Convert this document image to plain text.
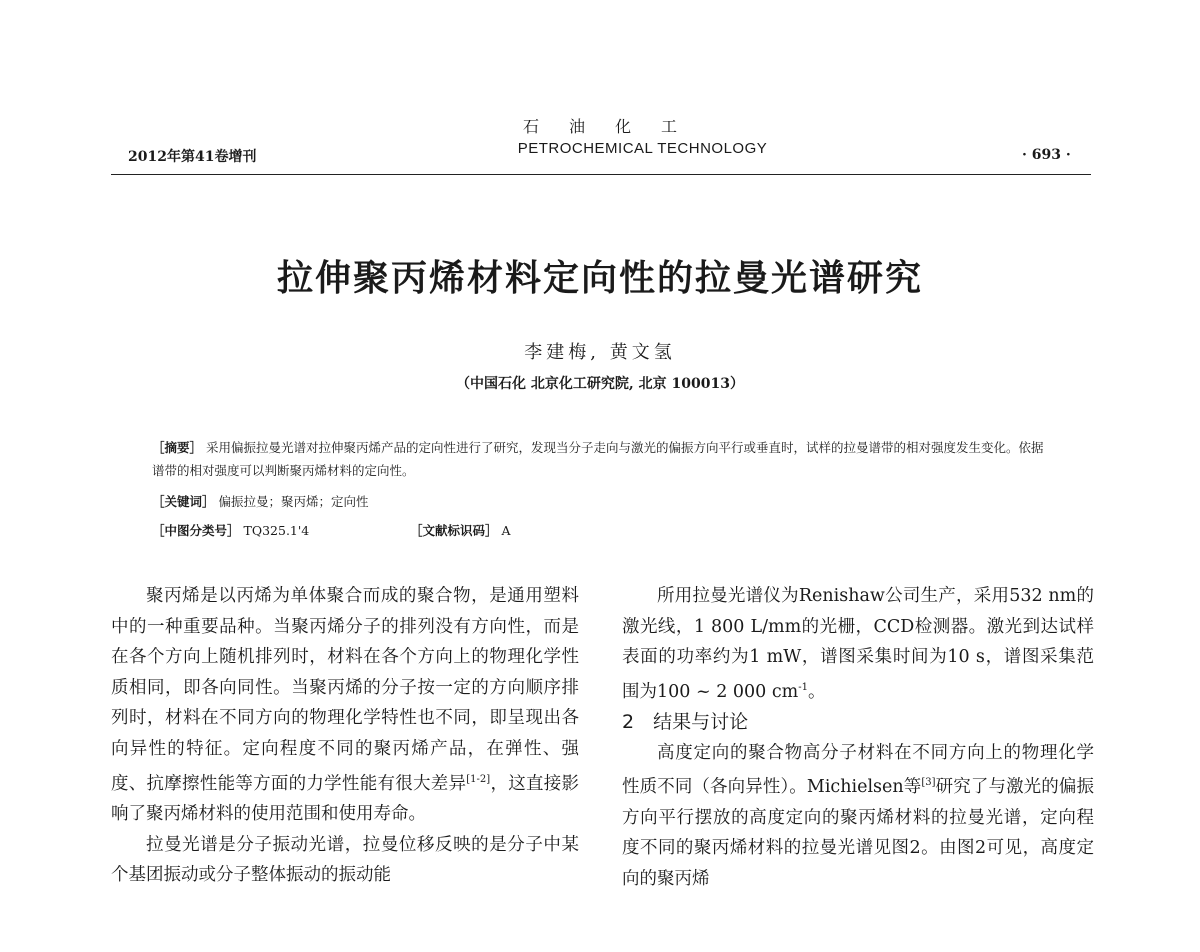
石油化工
2012年第41卷增刊	PETROCHEMICAL TECHNOLOGY	· 693 ·
拉伸聚丙烯材料定向性的拉曼光谱研究
李建梅, 黄文氢
（中国石化 北京化工研究院, 北京 100013）
［摘要］ 采用偏振拉曼光谱对拉伸聚丙烯产品的定向性进行了研究，发现当分子走向与激光的偏振方向平行或垂直时，试样的拉曼谱带的相对强度发生变化。依据谱带的相对强度可以判断聚丙烯材料的定向性。
［关键词］ 偏振拉曼；聚丙烯；定向性
［中图分类号］ TQ325.1'4	［文献标识码］ A

聚丙烯是以丙烯为单体聚合而成的聚合物，是通用塑料中的一种重要品种。当聚丙烯分子的排列没有方向性，而是在各个方向上随机排列时，材料在各个方向上的物理化学性质相同，即各向同性。当聚丙烯的分子按一定的方向顺序排列时，材料在不同方向的物理化学特性也不同，即呈现出各向异性的特征。定向程度不同的聚丙烯产品，在弹性、强度、抗摩擦性能等方面的力学性能有很大差异[1-2]，这直接影响了聚丙烯材料的使用范围和使用寿命。

拉曼光谱是分子振动光谱，拉曼位移反映的是分子中某个基团振动或分子整体振动的振动能

所用拉曼光谱仪为Renishaw公司生产，采用532 nm的激光线，1 800 L/mm的光栅，CCD检测器。激光到达试样表面的功率约为1 mW，谱图采集时间为10 s，谱图采集范围为100 ~ 2 000 $cm^{-1}$。

2　结果与讨论

高度定向的聚合物高分子材料在不同方向上的物理化学性质不同（各向异性）。Michielsen等[3]研究了与激光的偏振方向平行摆放的高度定向的聚丙烯材料的拉曼光谱，定向程度不同的聚丙烯材料的拉曼光谱见图2。由图2可见，高度定向的聚丙烯
